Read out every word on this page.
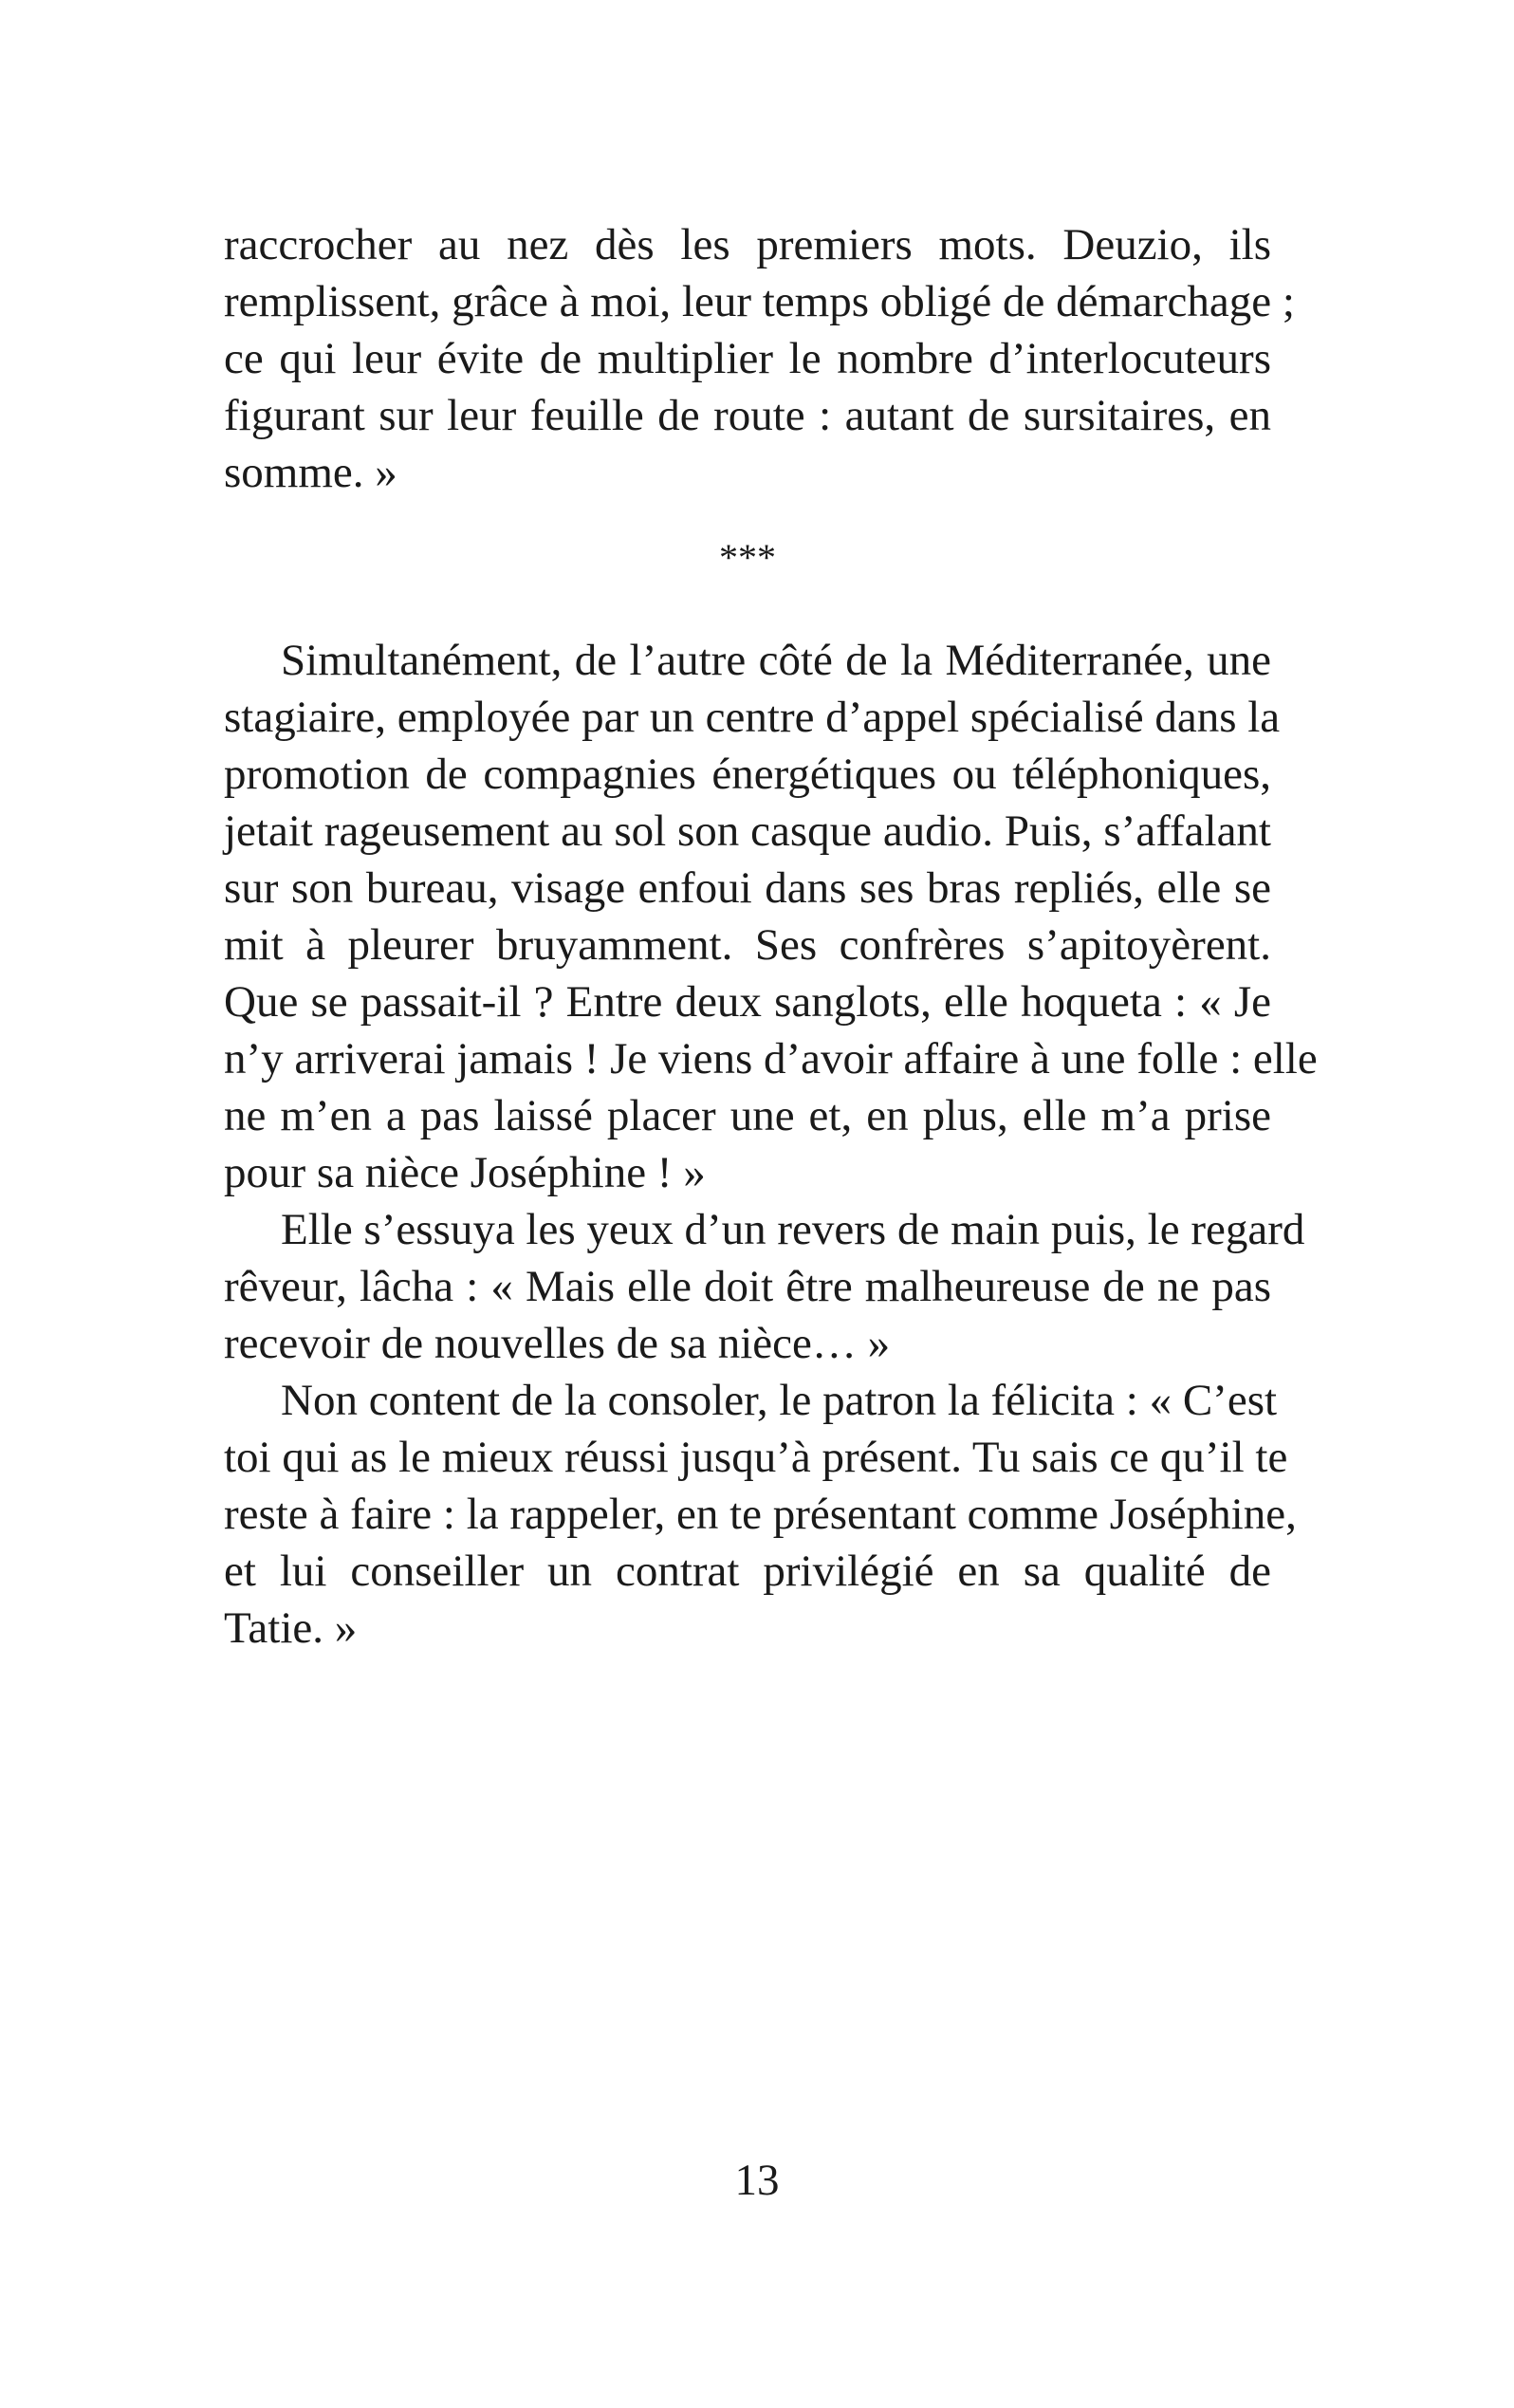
raccrocher au nez dès les premiers mots. Deuzio, ils
remplissent, grâce à moi, leur temps obligé de démarchage ;
ce qui leur évite de multiplier le nombre d’interlocuteurs
figurant sur leur feuille de route : autant de sursitaires, en
somme. »
***
Simultanément, de l’autre côté de la Méditerranée, une
stagiaire, employée par un centre d’appel spécialisé dans la
promotion de compagnies énergétiques ou téléphoniques,
jetait rageusement au sol son casque audio. Puis, s’affalant
sur son bureau, visage enfoui dans ses bras repliés, elle se
mit à pleurer bruyamment. Ses confrères s’apitoyèrent.
Que se passait-il ? Entre deux sanglots, elle hoqueta : « Je
n’y arriverai jamais ! Je viens d’avoir affaire à une folle : elle
ne m’en a pas laissé placer une et, en plus, elle m’a prise
pour sa nièce Joséphine ! »
Elle s’essuya les yeux d’un revers de main puis, le regard
rêveur, lâcha : « Mais elle doit être malheureuse de ne pas
recevoir de nouvelles de sa nièce… »
Non content de la consoler, le patron la félicita : « C’est
toi qui as le mieux réussi jusqu’à présent. Tu sais ce qu’il te
reste à faire : la rappeler, en te présentant comme Joséphine,
et lui conseiller un contrat privilégié en sa qualité de
Tatie. »
13
